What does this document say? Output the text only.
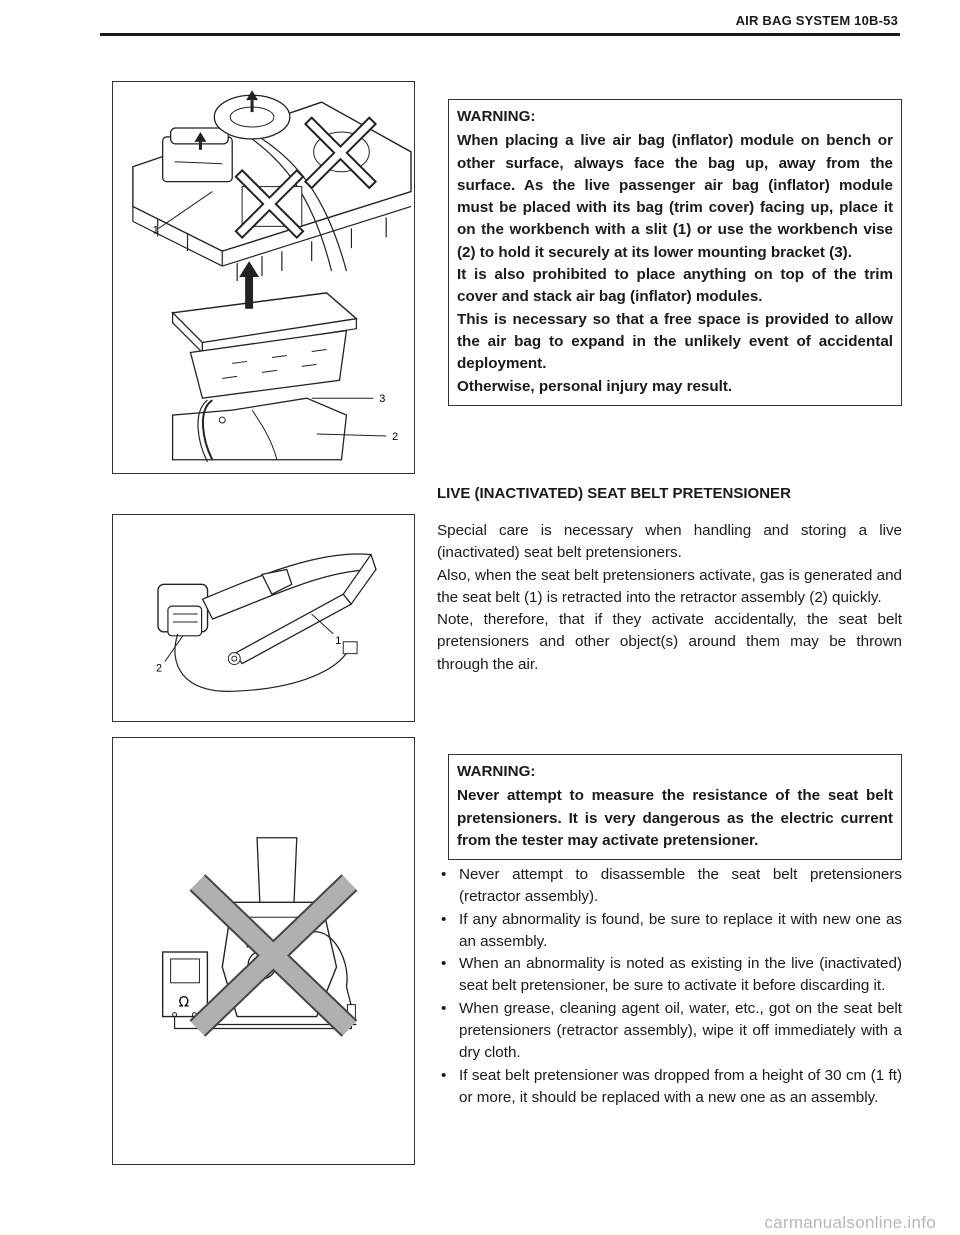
AIR BAG SYSTEM 10B-53
1
3
2
WARNING:
When placing a live air bag (inflator) module on bench or other surface, always face the bag up, away from the surface. As the live passenger air bag (inflator) module must be placed with its bag (trim cover) facing up, place it on the workbench with a slit (1) or use the workbench vise (2) to hold it securely at its lower mounting bracket (3).
It is also prohibited to place anything on top of the trim cover and stack air bag (inflator) modules.
This is necessary so that a free space is provided to allow the air bag to expand in the unlikely event of accidental deployment.
Otherwise, personal injury may result.
LIVE (INACTIVATED) SEAT BELT PRETENSIONER
1
2

Special care is necessary when handling and storing a live (inactivated) seat belt pretensioners.

Also, when the seat belt pretensioners activate, gas is generated and the seat belt (1) is retracted into the retractor assembly (2) quickly.

Note, therefore, that if they activate accidentally, the seat belt pretensioners and other object(s) around them may be thrown through the air.

Ω
WARNING:
Never attempt to measure the resistance of the seat belt pretensioners. It is very dangerous as the electric current from the tester may activate pretensioner.
• Never attempt to disassemble the seat belt pretensioners (retractor assembly).
• If any abnormality is found, be sure to replace it with new one as an assembly.
• When an abnormality is noted as existing in the live (inactivated) seat belt pretensioner, be sure to activate it before discarding it.
• When grease, cleaning agent oil, water, etc., got on the seat belt pretensioners (retractor assembly), wipe it off immediately with a dry cloth.
• If seat belt pretensioner was dropped from a height of 30 cm (1 ft) or more, it should be replaced with a new one as an assembly.
carmanualsonline.info
